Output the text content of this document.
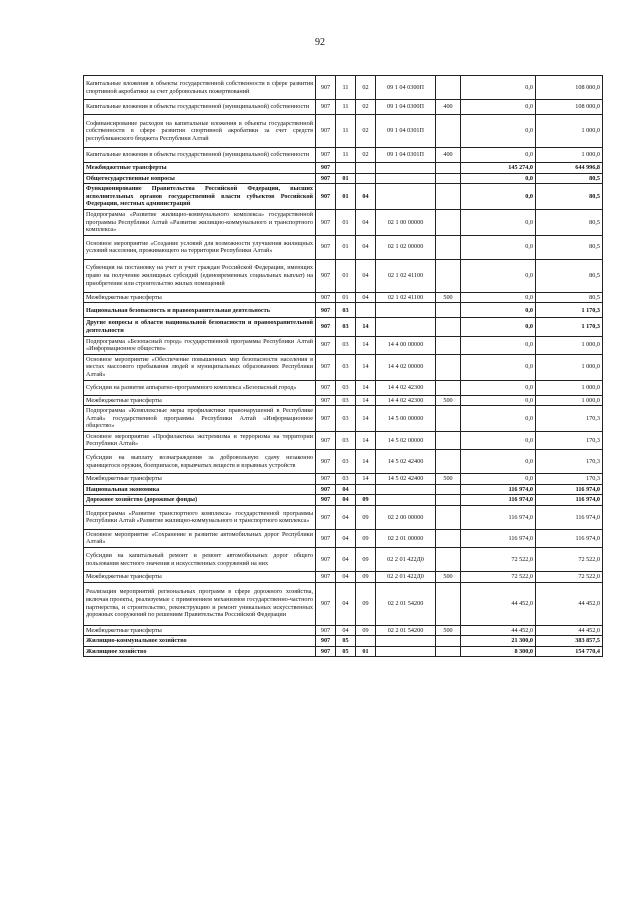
92
Капитальные вложения в объекты государственной собственности в сфере развития спортивной акробатики за счет добровольных пожертвований	907	11	02	09 1 04 0300П		0,0	108 000,0
Капитальные вложения в объекты государственной (муниципальной) собственности	907	11	02	09 1 04 0300П	400	0,0	108 000,0
Софинансирование расходов на капитальные вложения в объекты государственной собственности в сфере развития спортивной акробатики за счет средств республиканского бюджета Республики Алтай	907	11	02	09 1 04 0301П		0,0	1 000,0
Капитальные вложения в объекты государственной (муниципальной) собственности	907	11	02	09 1 04 0301П	400	0,0	1 000,0
Межбюджетные трансферты	907					145 274,0	644 996,8
Общегосударственные вопросы	907	01				0,0	80,5
Функционирование Правительства Российской Федерации, высших исполнительных органов государственной власти субъектов Российской Федерации, местных администраций	907	01	04			0,0	80,5
Подпрограмма «Развитие жилищно-коммунального комплекса» государственной программы Республики Алтай «Развитие жилищно-коммунального и транспортного комплекса»	907	01	04	02 1 00 00000		0,0	80,5
Основное мероприятие «Создание условий для возможности улучшения жилищных условий населения, проживающего на территории Республики Алтай»	907	01	04	02 1 02 00000		0,0	80,5
Субвенция на постановку на учет и учет граждан Российской Федерации, имеющих право на получение жилищных субсидий (единовременных социальных выплат) на приобретение или строительство жилых помещений	907	01	04	02 1 02 41100		0,0	80,5
Межбюджетные трансферты	907	01	04	02 1 02 41100	500	0,0	80,5
Национальная безопасность и правоохранительная деятельность	907	03				0,0	1 170,3
Другие вопросы в области национальной безопасности и правоохранительной деятельности	907	03	14			0,0	1 170,3
Подпрограмма «Безопасный город» государственной программы Республики Алтай «Информационное общество»	907	03	14	14 4 00 00000		0,0	1 000,0
Основное мероприятие «Обеспечение повышенных мер безопасности населения в местах массового пребывания людей в муниципальных образованиях Республики Алтай»	907	03	14	14 4 02 00000		0,0	1 000,0
Субсидии на развитие аппаратно-программного комплекса «Безопасный город»	907	03	14	14 4 02 42300		0,0	1 000,0
Межбюджетные трансферты	907	03	14	14 4 02 42300	500	0,0	1 000,0
Подпрограмма «Комплексные меры профилактики правонарушений в Республике Алтай» государственной программы Республики Алтай «Информационное общество»	907	03	14	14 5 00 00000		0,0	170,3
Основное мероприятие «Профилактика экстремизма и терроризма на территории Республики Алтай»	907	03	14	14 5 02 00000		0,0	170,3
Субсидии на выплату вознаграждения за добровольную сдачу незаконно хранящегося оружия, боеприпасов, взрывчатых веществ и взрывных устройств	907	03	14	14 5 02 42400		0,0	170,3
Межбюджетные трансферты	907	03	14	14 5 02 42400	500	0,0	170,3
Национальная экономика	907	04				116 974,0	116 974,0
Дорожное хозяйство (дорожные фонды)	907	04	09			116 974,0	116 974,0
Подпрограмма «Развитие транспортного комплекса» государственной программы Республики Алтай «Развитие жилищно-коммунального и транспортного комплекса»	907	04	09	02 2 00 00000		116 974,0	116 974,0
Основное мероприятие «Сохранение и развитие автомобильных дорог Республики Алтай»	907	04	09	02 2 01 00000		116 974,0	116 974,0
Субсидии на капитальный ремонт и ремонт автомобильных дорог общего пользования местного значения и искусственных сооружений на них	907	04	09	02 2 01 422Д0		72 522,0	72 522,0
Межбюджетные трансферты	907	04	09	02 2 01 422Д0	500	72 522,0	72 522,0
Реализация мероприятий региональных программ в сфере дорожного хозяйства, включая проекты, реализуемые с применением механизмов государственно-частного партнерства, и строительство, реконструкцию и ремонт уникальных искусственных дорожных сооружений по решениям Правительства Российской Федерации	907	04	09	02 2 01 54200		44 452,0	44 452,0
Межбюджетные трансферты	907	04	09	02 2 01 54200	500	44 452,0	44 452,0
Жилищно-коммунальное хозяйство	907	05				21 300,0	383 857,5
Жилищное хозяйство	907	05	01			8 300,0	154 770,4
